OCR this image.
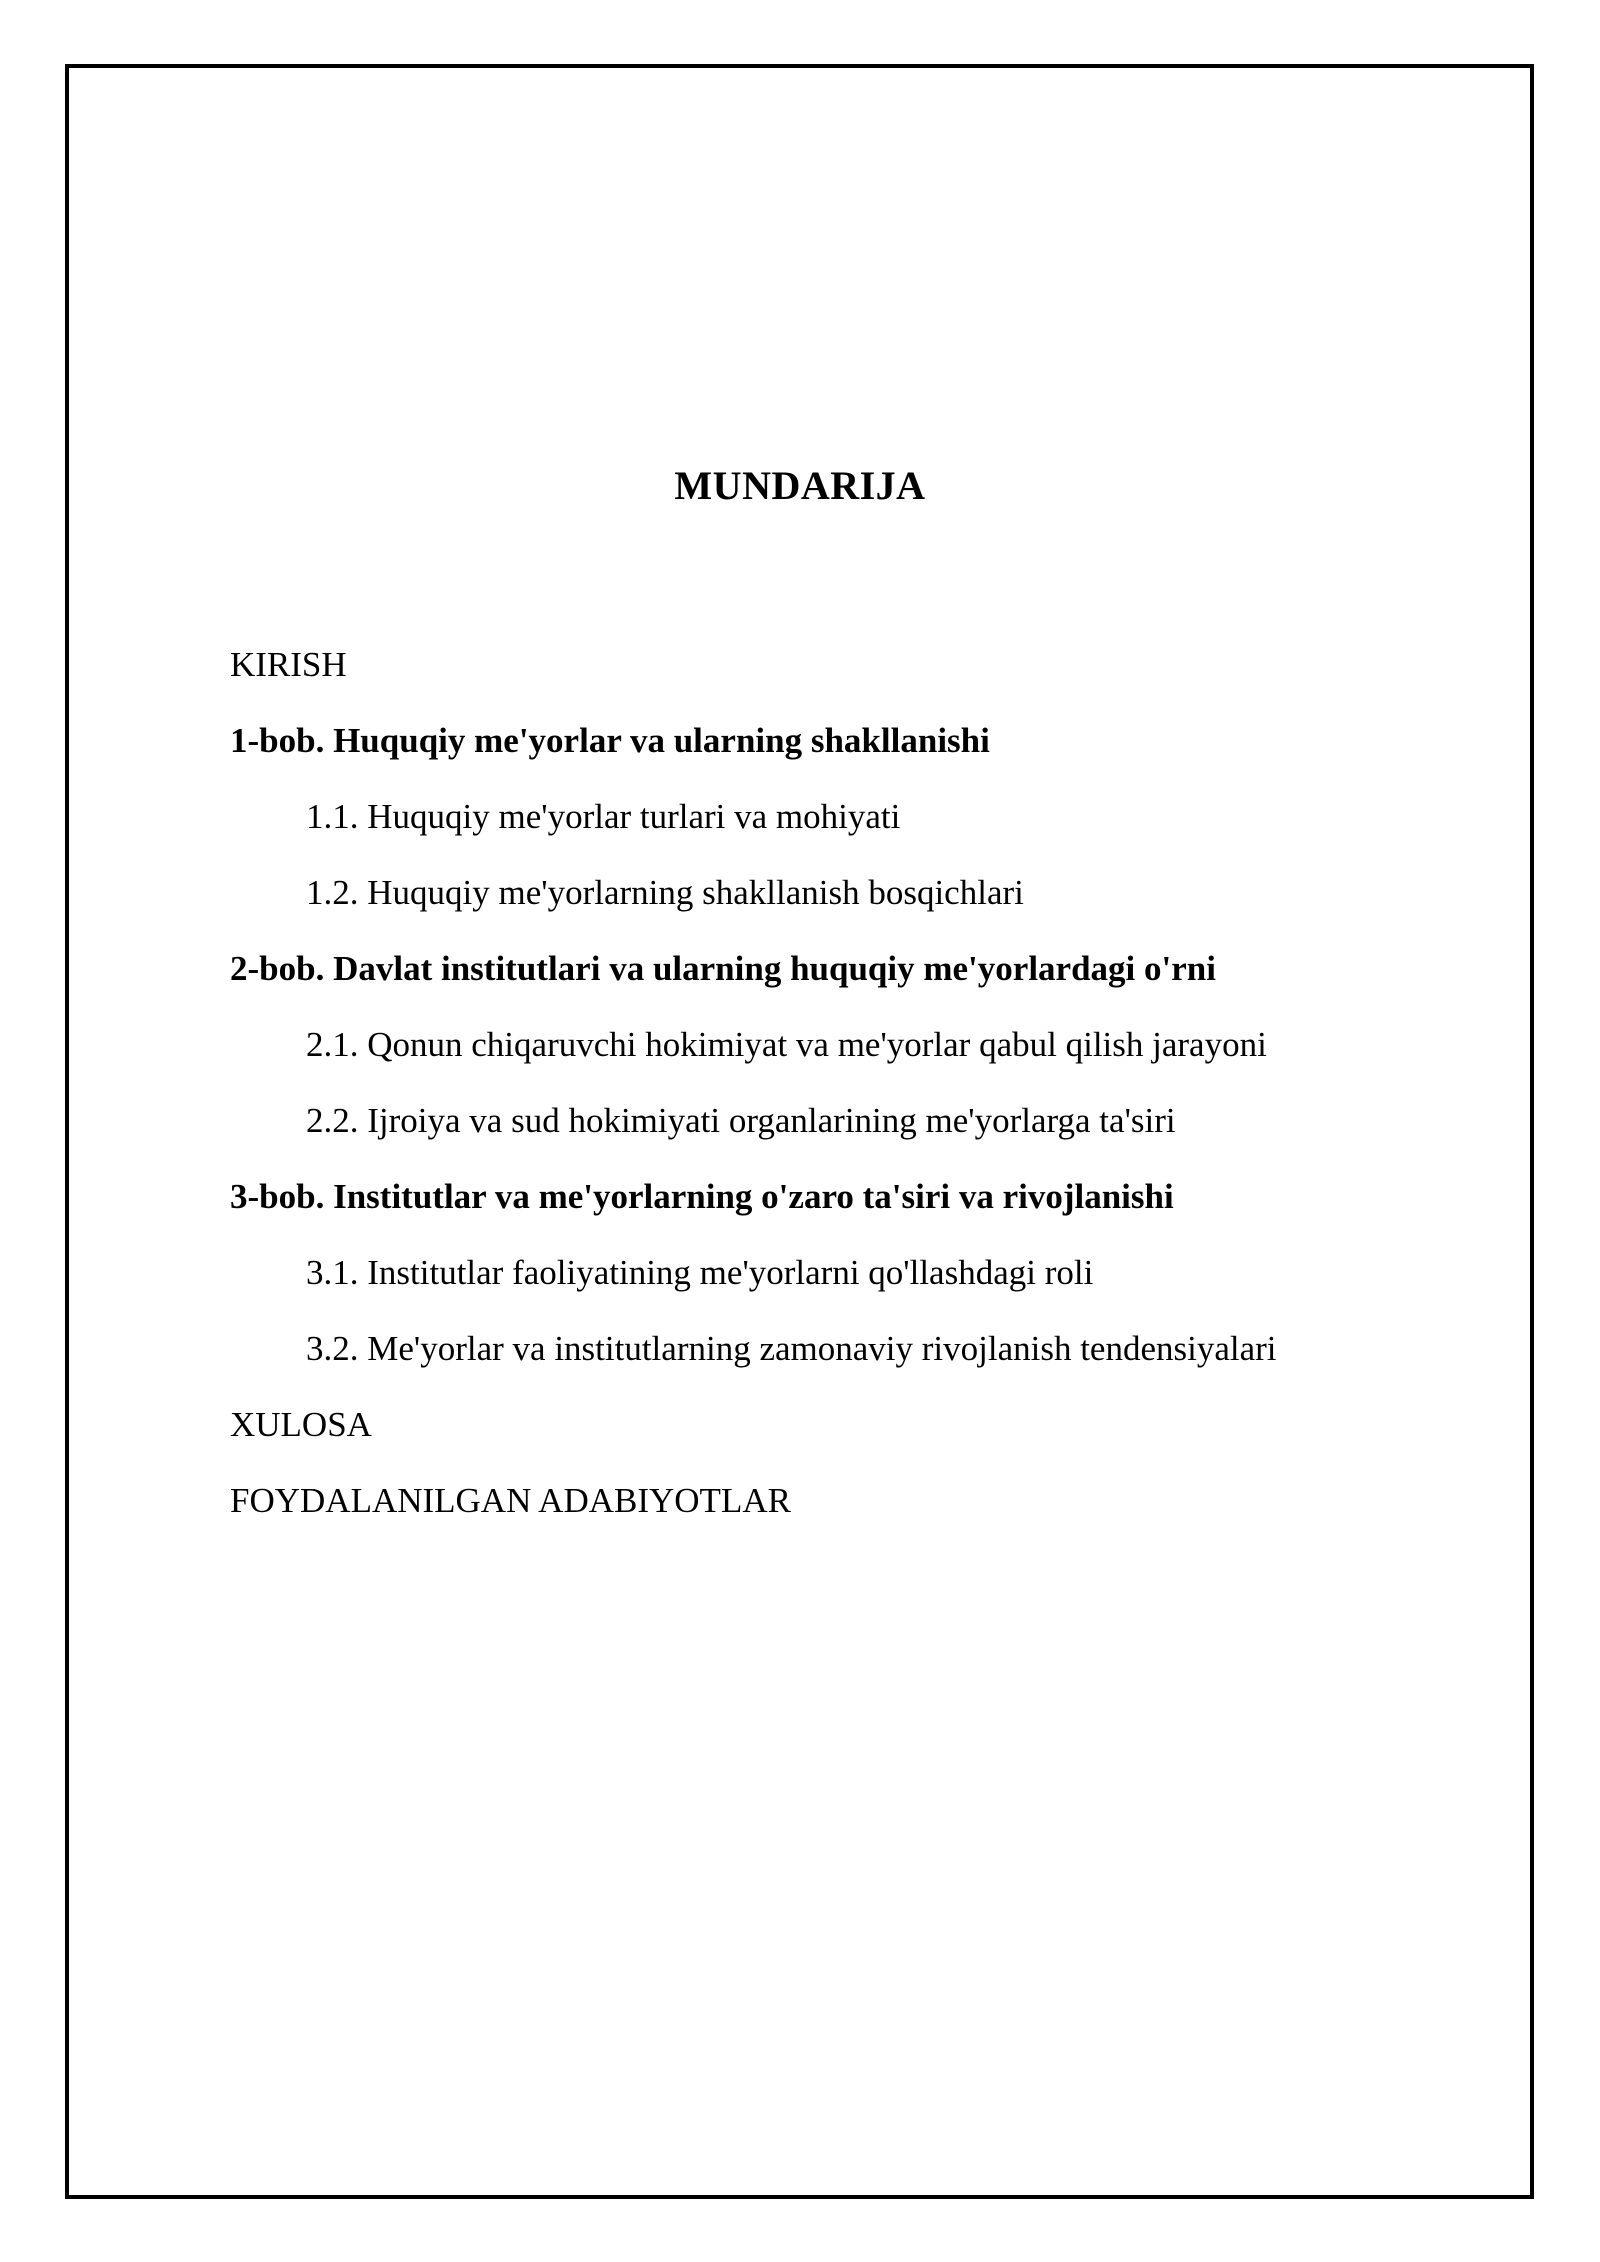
MUNDARIJA
KIRISH
1-bob. Huquqiy me'yorlar va ularning shakllanishi
1.1. Huquqiy me'yorlar turlari va mohiyati
1.2. Huquqiy me'yorlarning shakllanish bosqichlari
2-bob. Davlat institutlari va ularning huquqiy me'yorlardagi o'rni
2.1. Qonun chiqaruvchi hokimiyat va me'yorlar qabul qilish jarayoni
2.2. Ijroiya va sud hokimiyati organlarining me'yorlarga ta'siri
3-bob. Institutlar va me'yorlarning o'zaro ta'siri va rivojlanishi
3.1. Institutlar faoliyatining me'yorlarni qo'llashdagi roli
3.2. Me'yorlar va institutlarning zamonaviy rivojlanish tendensiyalari
XULOSA
FOYDALANILGAN ADABIYOTLAR
